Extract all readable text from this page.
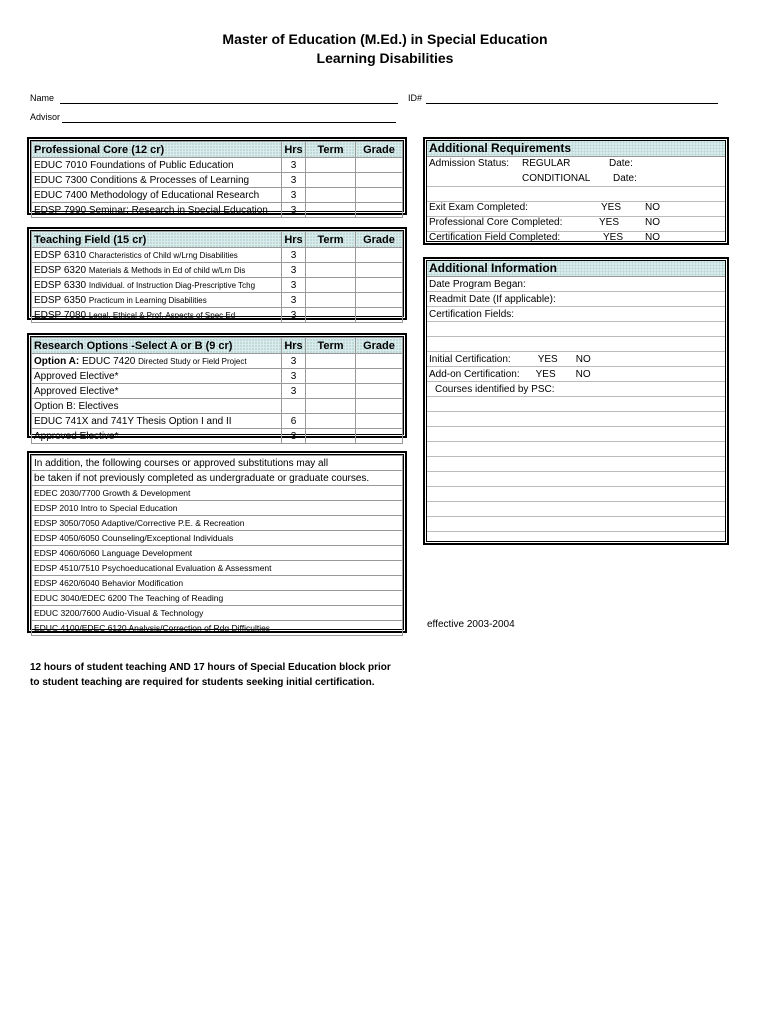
Master of Education (M.Ed.) in Special Education
Learning Disabilities
Name	ID#
Advisor
Professional Core (12 cr)	Hrs	Term	Grade
EDUC 7010 Foundations of Public Education	3		
EDUC 7300 Conditions & Processes of Learning	3		
EDUC 7400 Methodology of Educational Research	3		
EDSP 7990 Seminar: Research in Special Education	3		
Teaching Field (15 cr)	Hrs	Term	Grade
EDSP 6310 Characteristics of Child w/Lrng Disabilities	3		
EDSP 6320 Materials & Methods in Ed of child w/Lrn Dis	3		
EDSP 6330 Individual. of Instruction Diag-Prescriptive Tchg	3		
EDSP 6350 Practicum in Learning Disabilities	3		
EDSP 7080 Legal, Ethical & Prof. Aspects of Spec Ed	3		
Research Options -Select A or B (9 cr)	Hrs	Term	Grade
Option A: EDUC 7420 Directed Study or Field Project	3		
Approved Elective*	3		
Approved Elective*	3		
Option B: Electives			
EDUC 741X and 741Y Thesis Option I and II	6		
Approved Elective*	3		
In addition, the following courses or approved substitutions may all
be taken if not previously completed as undergraduate or graduate courses.
EDEC 2030/7700 Growth & Development
EDSP 2010 Intro to Special Education
EDSP 3050/7050 Adaptive/Corrective P.E. & Recreation
EDSP 4050/6050 Counseling/Exceptional Individuals
EDSP 4060/6060 Language Development
EDSP 4510/7510 Psychoeducational Evaluation & Assessment
EDSP 4620/6040 Behavior Modification
EDUC 3040/EDEC 6200 The Teaching of Reading
EDUC 3200/7600 Audio-Visual & Technology
EDUC 4100/EDEC 6120 Analysis/Correction of Rdg Difficulties
Additional Requirements
Admission Status: REGULAR	Date:
CONDITIONAL Date:
Exit Exam Completed:	YES NO
Professional Core Completed:	YES	NO
Certification Field Completed:	YES NO
Additional Information
Date Program Began:
Readmit Date (If applicable):
Certification Fields:

Initial Certification:	YES NO
Add-on Certification: YES NO
Courses identified by PSC:

effective 2003-2004
12 hours of student teaching AND 17 hours of Special Education block prior
to student teaching are required for students seeking initial certification.
